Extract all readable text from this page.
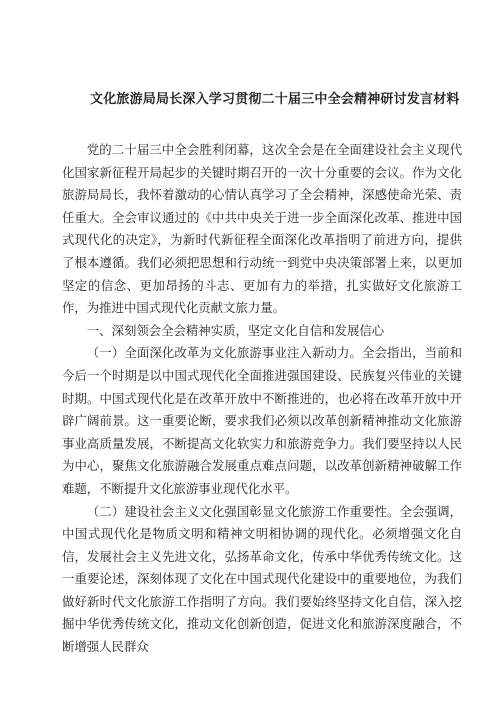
文化旅游局局长深入学习贯彻二十届三中全会精神研讨发言材料

党的二十届三中全会胜利闭幕，这次全会是在全面建设社会主义现代化国家新征程开局起步的关键时期召开的一次十分重要的会议。作为文化旅游局局长，我怀着激动的心情认真学习了全会精神，深感使命光荣、责任重大。全会审议通过的《中共中央关于进一步全面深化改革、推进中国式现代化的决定》，为新时代新征程全面深化改革指明了前进方向，提供了根本遵循。我们必须把思想和行动统一到党中央决策部署上来，以更加坚定的信念、更加昂扬的斗志、更加有力的举措，扎实做好文化旅游工作，为推进中国式现代化贡献文旅力量。

一、深刻领会全会精神实质，坚定文化自信和发展信心

（一）全面深化改革为文化旅游事业注入新动力。全会指出，当前和今后一个时期是以中国式现代化全面推进强国建设、民族复兴伟业的关键时期。中国式现代化是在改革开放中不断推进的，也必将在改革开放中开辟广阔前景。这一重要论断，要求我们必须以改革创新精神推动文化旅游事业高质量发展，不断提高文化软实力和旅游竞争力。我们要坚持以人民为中心，聚焦文化旅游融合发展重点难点问题，以改革创新精神破解工作难题，不断提升文化旅游事业现代化水平。

（二）建设社会主义文化强国彰显文化旅游工作重要性。全会强调，中国式现代化是物质文明和精神文明相协调的现代化。必须增强文化自信，发展社会主义先进文化，弘扬革命文化，传承中华优秀传统文化。这一重要论述，深刻体现了文化在中国式现代化建设中的重要地位，为我们做好新时代文化旅游工作指明了方向。我们要始终坚持文化自信，深入挖掘中华优秀传统文化，推动文化创新创造，促进文化和旅游深度融合，不断增强人民群众
